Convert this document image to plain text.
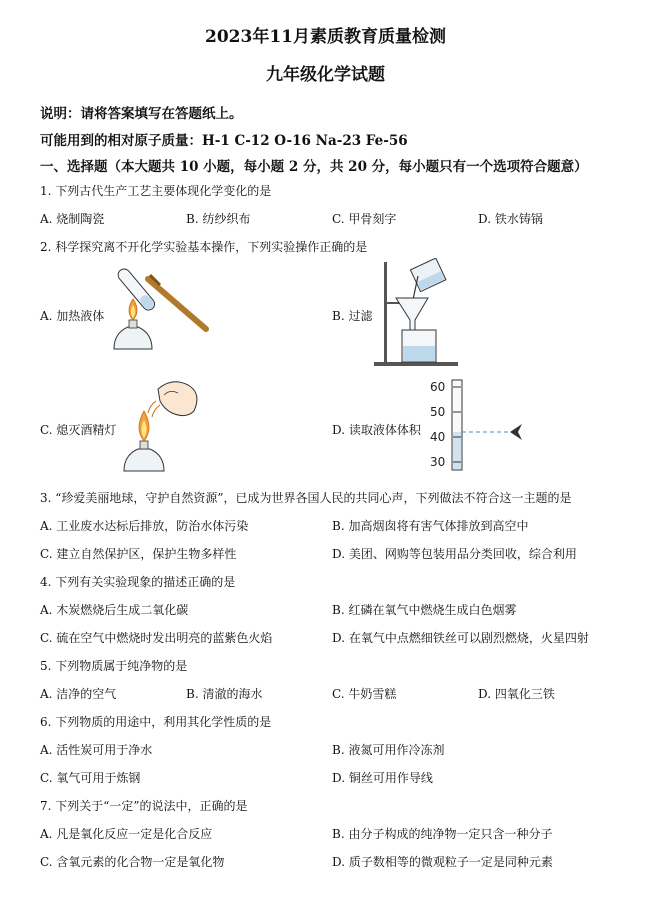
2023年11月素质教育质量检测
九年级化学试题
说明：请将答案填写在答题纸上。
可能用到的相对原子质量：H-1 C-12 O-16 Na-23 Fe-56
一、选择题（本大题共 10 小题，每小题 2 分，共 20 分，每小题只有一个选项符合题意）
1. 下列古代生产工艺主要体现化学变化的是
A. 烧制陶瓷	B. 纺纱织布	C. 甲骨刻字	D. 铁水铸锅
2. 科学探究离不开化学实验基本操作，下列实验操作正确的是
A. 加热液体	B. 过滤
C. 熄灭酒精灯	D. 读取液体体积
60
50
40
30
3. “珍爱美丽地球，守护自然资源”，已成为世界各国人民的共同心声，下列做法不符合这一主题的是
A. 工业废水达标后排放，防治水体污染	B. 加高烟囱将有害气体排放到高空中
C. 建立自然保护区，保护生物多样性	D. 美团、网购等包装用品分类回收，综合利用
4. 下列有关实验现象的描述正确的是
A. 木炭燃烧后生成二氧化碳	B. 红磷在氧气中燃烧生成白色烟雾
C. 硫在空气中燃烧时发出明亮的蓝紫色火焰	D. 在氧气中点燃细铁丝可以剧烈燃烧，火星四射
5. 下列物质属于纯净物的是
A. 洁净的空气	B. 清澈的海水	C. 牛奶雪糕	D. 四氧化三铁
6. 下列物质的用途中，利用其化学性质的是
A. 活性炭可用于净水	B. 液氮可用作冷冻剂
C. 氧气可用于炼钢	D. 铜丝可用作导线
7. 下列关于“一定”的说法中，正确的是
A. 凡是氧化反应一定是化合反应	B. 由分子构成的纯净物一定只含一种分子
C. 含氧元素的化合物一定是氧化物	D. 质子数相等的微观粒子一定是同种元素
